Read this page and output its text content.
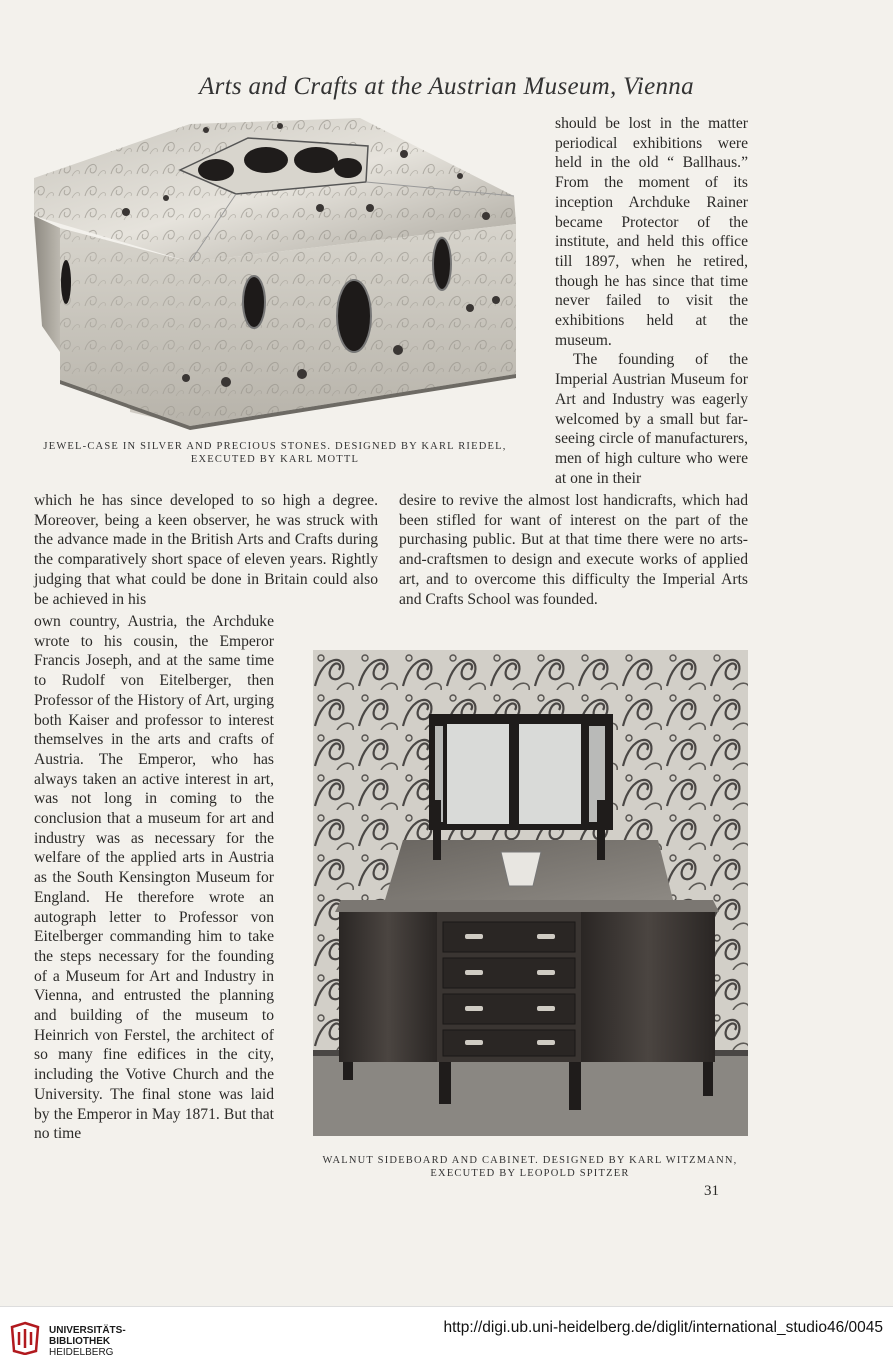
Arts and Crafts at the Austrian Museum, Vienna
JEWEL-CASE IN SILVER AND PRECIOUS STONES. DESIGNED BY KARL RIEDEL,
EXECUTED BY KARL MOTTL

should be lost in the matter periodical exhibitions were held in the old “ Ballhaus.” From the moment of its inception Archduke Rainer became Protector of the institute, and held this office till 1897, when he retired, though he has since that time never failed to visit the exhibitions held at the museum.

The founding of the Imperial Austrian Museum for Art and Industry was eagerly welcomed by a small but far-seeing circle of manufacturers, men of high culture who were at one in their

which he has since developed to so high a degree. Moreover, being a keen observer, he was struck with the advance made in the British Arts and Crafts during the comparatively short space of eleven years. Rightly judging that what could be done in Britain could also be achieved in his

desire to revive the almost lost handicrafts, which had been stifled for want of interest on the part of the purchasing public. But at that time there were no arts-and-craftsmen to design and execute works of applied art, and to overcome this difficulty the Imperial Arts and Crafts School was founded.

own country, Austria, the Archduke wrote to his cousin, the Emperor Francis Joseph, and at the same time to Rudolf von Eitelberger, then Professor of the History of Art, urging both Kaiser and professor to interest themselves in the arts and crafts of Austria. The Emperor, who has always taken an active interest in art, was not long in coming to the conclusion that a museum for art and industry was as necessary for the welfare of the applied arts in Austria as the South Kensington Museum for England. He therefore wrote an autograph letter to Professor von Eitelberger commanding him to take the steps necessary for the founding of a Museum for Art and Industry in Vienna, and entrusted the planning and building of the museum to Heinrich von Ferstel, the architect of so many fine edifices in the city, including the Votive Church and the University. The final stone was laid by the Emperor in May 1871. But that no time

WALNUT SIDEBOARD AND CABINET. DESIGNED BY KARL WITZMANN,
EXECUTED BY LEOPOLD SPITZER
31
UNIVERSITÄTS-
BIBLIOTHEK
HEIDELBERG
http://digi.ub.uni-heidelberg.de/diglit/international_studio46/0045
